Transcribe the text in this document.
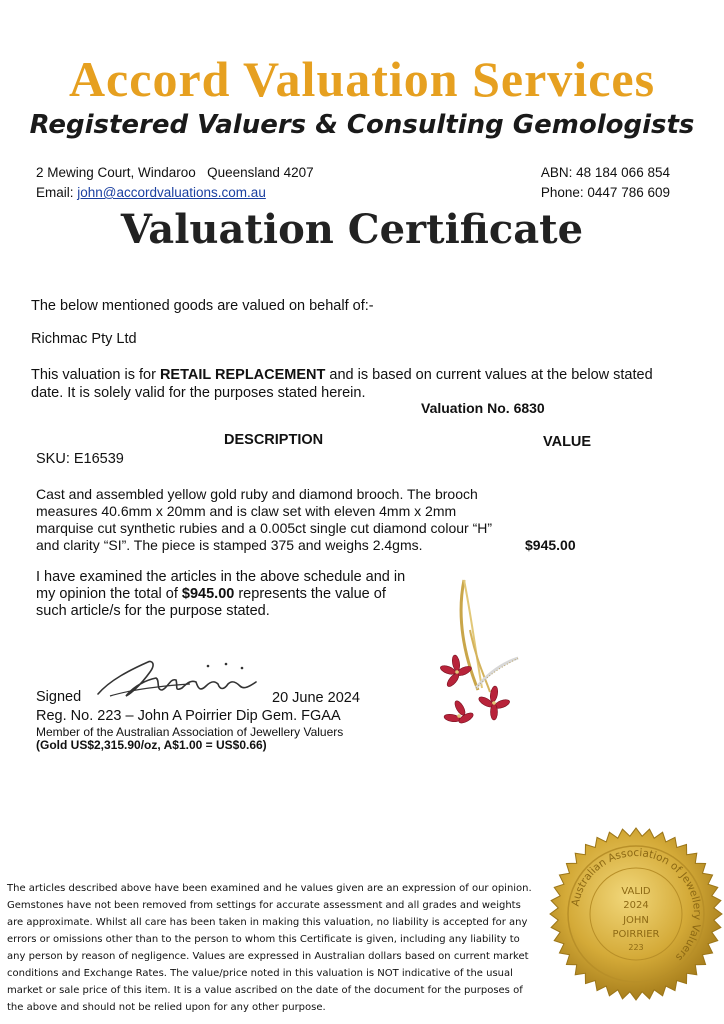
Accord Valuation Services
Registered Valuers & Consulting Gemologists
2 Mewing Court, Windaroo   Queensland 4207
Email: john@accordvaluations.com.au
ABN: 48 184 066 854
Phone: 0447 786 609
Valuation Certificate
The below mentioned goods are valued on behalf of:-
Richmac Pty Ltd
This valuation is for RETAIL REPLACEMENT and is based on current values at the below stated date. It is solely valid for the purposes stated herein.
Valuation No. 6830
DESCRIPTION	VALUE
SKU: E16539
Cast and assembled yellow gold ruby and diamond brooch. The brooch measures 40.6mm x 20mm and is claw set with eleven 4mm x 2mm marquise cut synthetic rubies and a 0.005ct single cut diamond colour “H” and clarity “SI”. The piece is stamped 375 and weighs 2.4gms.	$945.00
I have examined the articles in the above schedule and in my opinion the total of $945.00 represents the value of such article/s for the purpose stated.
Signed	20 June 2024
Reg. No. 223 – John A Poirrier Dip Gem. FGAA
Member of the Australian Association of Jewellery Valuers
(Gold US$2,315.90/oz, A$1.00 = US$0.66)
The articles described above have been examined and he values given are an expression of our opinion. Gemstones have not been removed from settings for accurate assessment and all grades and weights are approximate. Whilst all care has been taken in making this valuation, no liability is accepted for any errors or omissions other than to the person to whom this Certificate is given, including any liability to any person by reason of negligence. Values are expressed in Australian dollars based on current market conditions and Exchange Rates. The value/price noted in this valuation is NOT indicative of the usual market or sale price of this item. It is a value ascribed on the date of the document for the purposes of the above and should not be relied upon for any other purpose.
Australian Association of Jewellery Valuers
VALID
2024
JOHN
POIRRIER
223
